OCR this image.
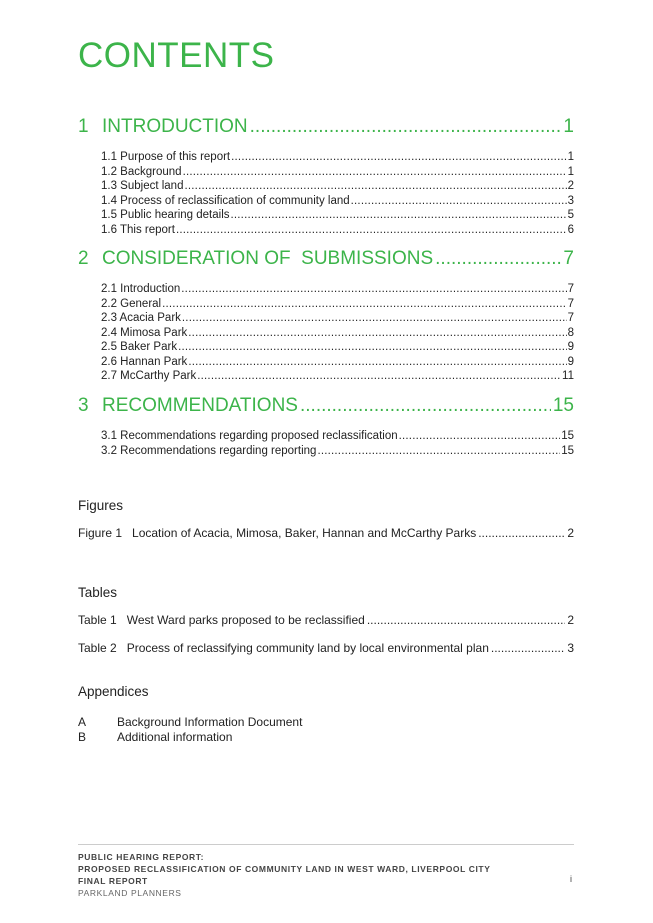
CONTENTS
1 INTRODUCTION .....	1
1.1 Purpose of this report .....	1
1.2 Background .....	1
1.3 Subject land .....	2
1.4 Process of reclassification of community land .....	3
1.5 Public hearing details .....	5
1.6 This report .....	6
2 CONSIDERATION OF  SUBMISSIONS .....	7
2.1 Introduction .....	7
2.2 General .....	7
2.3 Acacia Park .....	7
2.4 Mimosa Park .....	8
2.5 Baker Park .....	9
2.6 Hannan Park .....	9
2.7 McCarthy Park .....	11
3 RECOMMENDATIONS .....	15
3.1 Recommendations regarding proposed reclassification .....	15
3.2 Recommendations regarding reporting .....	15
Figures
Figure 1 Location of Acacia, Mimosa, Baker, Hannan and McCarthy Parks .....	2
Tables
Table 1 West Ward parks proposed to be reclassified .....	2
Table 2 Process of reclassifying community land by local environmental plan .....	3
Appendices
A	Background Information Document
B	Additional information
PUBLIC HEARING REPORT:
PROPOSED RECLASSIFICATION OF COMMUNITY LAND IN WEST WARD, LIVERPOOL CITY
FINAL REPORT
PARKLAND PLANNERS
i
